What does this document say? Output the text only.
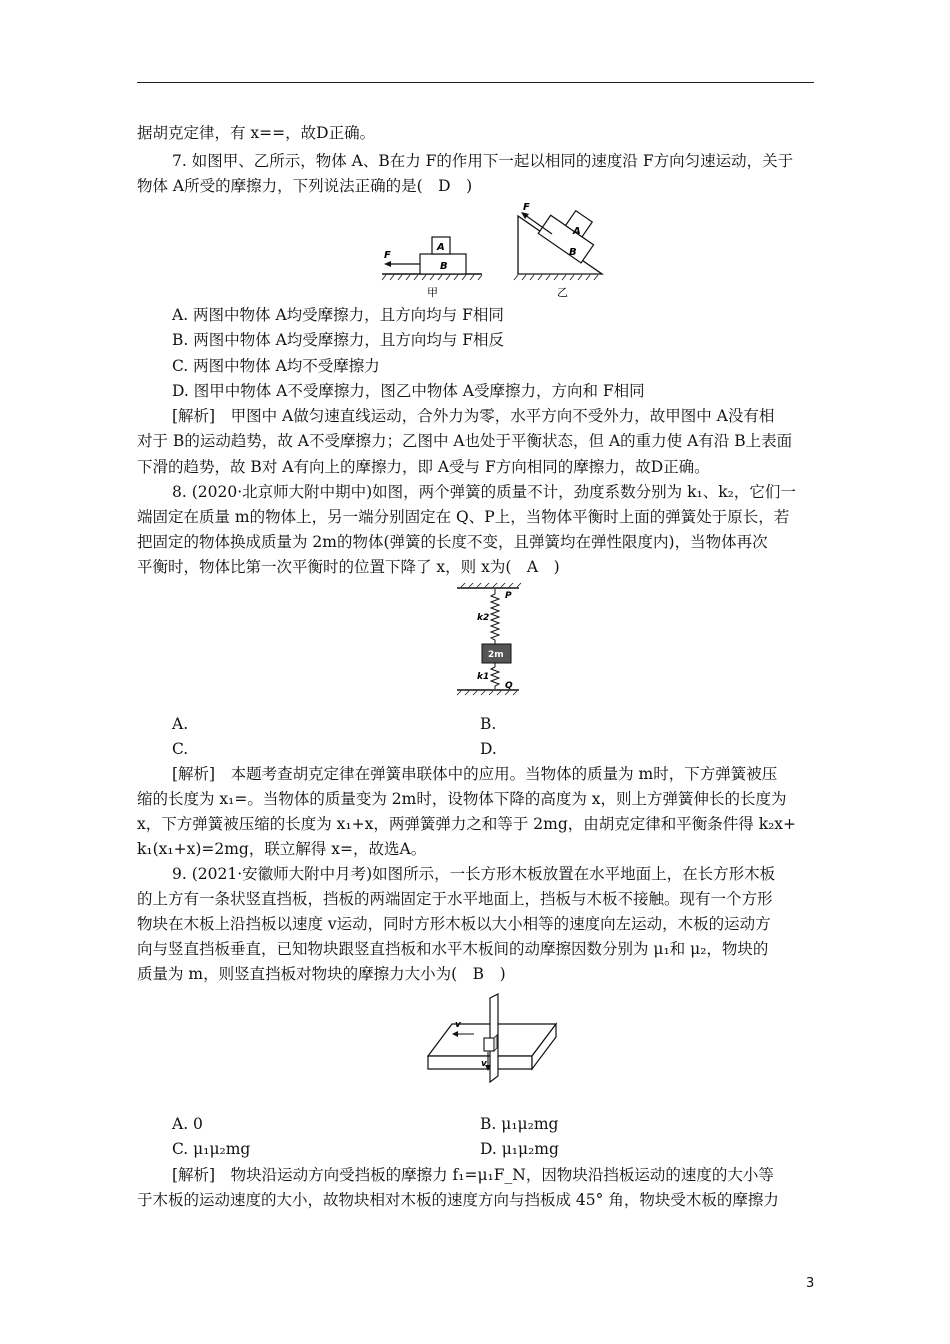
据胡克定律，有 x==，故D正确。
7. 如图甲、乙所示，物体 A、B在力 F的作用下一起以相同的速度沿 F方向匀速运动，关于
物体 A所受的摩擦力，下列说法正确的是(　D　)
F
A
B
甲
F
A
B
乙
A. 两图中物体 A均受摩擦力，且方向均与 F相同
B. 两图中物体 A均受摩擦力，且方向均与 F相反
C. 两图中物体 A均不受摩擦力
D. 图甲中物体 A不受摩擦力，图乙中物体 A受摩擦力，方向和 F相同
[解析]　甲图中 A做匀速直线运动，合外力为零，水平方向不受外力，故甲图中 A没有相
对于 B的运动趋势，故 A不受摩擦力；乙图中 A也处于平衡状态，但 A的重力使 A有沿 B上表面
下滑的趋势，故 B对 A有向上的摩擦力，即 A受与 F方向相同的摩擦力，故D正确。
8. (2020·北京师大附中期中)如图，两个弹簧的质量不计，劲度系数分别为 k₁、k₂，它们一
端固定在质量 m的物体上，另一端分别固定在 Q、P上，当物体平衡时上面的弹簧处于原长，若
把固定的物体换成质量为 2m的物体(弹簧的长度不变，且弹簧均在弹性限度内)，当物体再次
平衡时，物体比第一次平衡时的位置下降了 x，则 x为(　A　)
2m
P
k2
k1
Q
A.	B.
C.	D.
[解析]　本题考查胡克定律在弹簧串联体中的应用。当物体的质量为 m时，下方弹簧被压
缩的长度为 x₁=。当物体的质量变为 2m时，设物体下降的高度为 x，则上方弹簧伸长的长度为
x，下方弹簧被压缩的长度为 x₁+x，两弹簧弹力之和等于 2mg，由胡克定律和平衡条件得 k₂x+
k₁(x₁+x)=2mg，联立解得 x=，故选A。
9. (2021·安徽师大附中月考)如图所示，一长方形木板放置在水平地面上，在长方形木板
的上方有一条状竖直挡板，挡板的两端固定于水平地面上，挡板与木板不接触。现有一个方形
物块在木板上沿挡板以速度 v运动，同时方形木板以大小相等的速度向左运动，木板的运动方
向与竖直挡板垂直，已知物块跟竖直挡板和水平木板间的动摩擦因数分别为 μ₁和 μ₂，物块的
质量为 m，则竖直挡板对物块的摩擦力大小为(　B　)
v
v
A. 0	B. μ₁μ₂mg
C. μ₁μ₂mg	D. μ₁μ₂mg
[解析]　物块沿运动方向受挡板的摩擦力 f₁=μ₁F_N，因物块沿挡板运动的速度的大小等
于木板的运动速度的大小，故物块相对木板的速度方向与挡板成 45° 角，物块受木板的摩擦力
3
